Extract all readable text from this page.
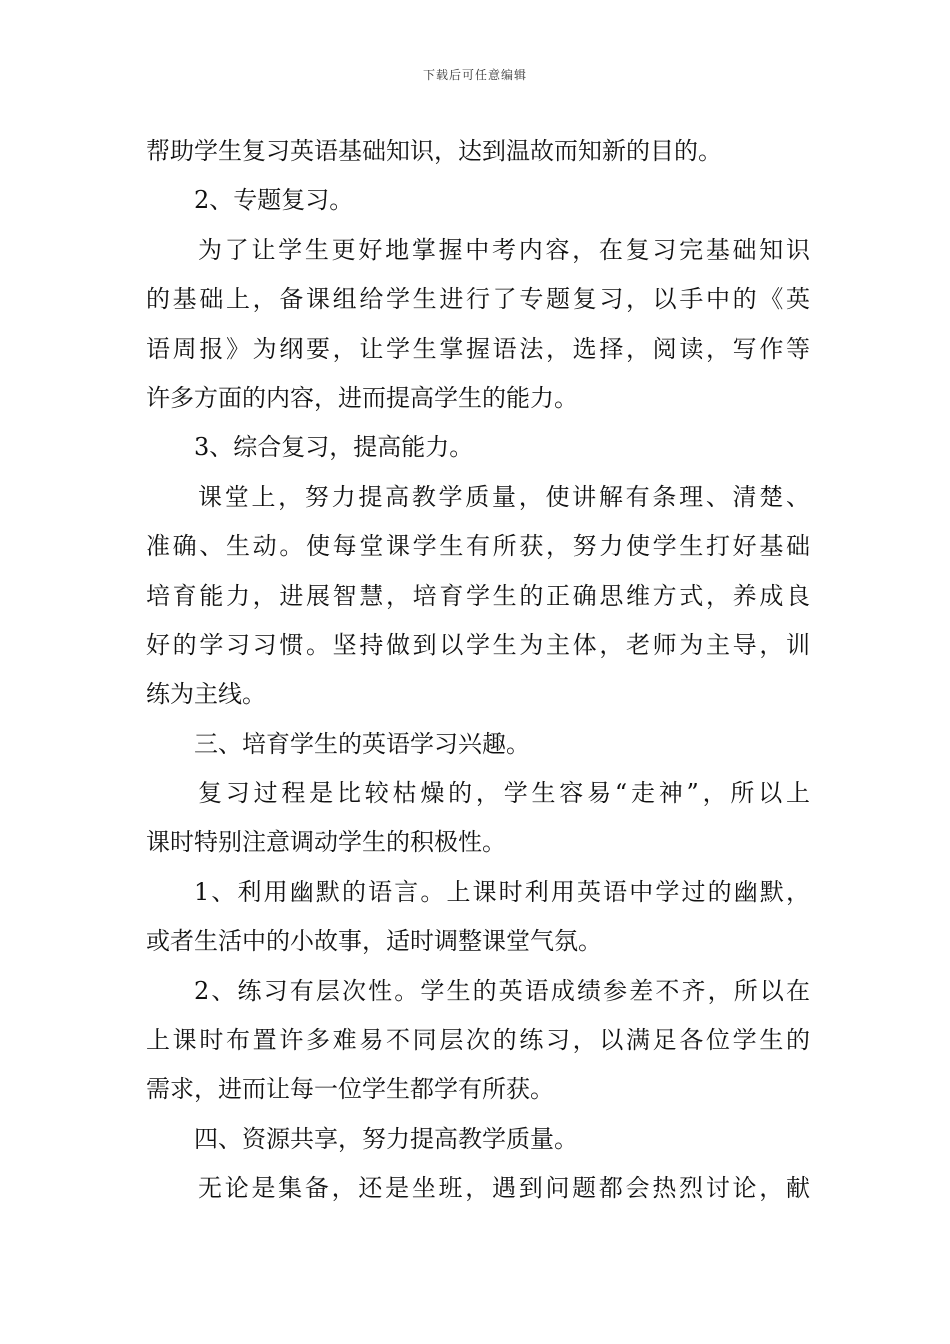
下载后可任意编辑
帮助学生复习英语基础知识，达到温故而知新的目的。
2、专题复习。
为了让学生更好地掌握中考内容，在复习完基础知识
的基础上，备课组给学生进行了专题复习，以手中的《英
语周报》为纲要，让学生掌握语法，选择，阅读，写作等
许多方面的内容，进而提高学生的能力。
3、综合复习，提高能力。
课堂上，努力提高教学质量，使讲解有条理、清楚、
准确、生动。使每堂课学生有所获，努力使学生打好基础
培育能力，进展智慧，培育学生的正确思维方式，养成良
好的学习习惯。坚持做到以学生为主体，老师为主导，训
练为主线。
三、培育学生的英语学习兴趣。
复习过程是比较枯燥的，学生容易“走神”，所以上
课时特别注意调动学生的积极性。
1、利用幽默的语言。上课时利用英语中学过的幽默，
或者生活中的小故事，适时调整课堂气氛。
2、练习有层次性。学生的英语成绩参差不齐，所以在
上课时布置许多难易不同层次的练习，以满足各位学生的
需求，进而让每一位学生都学有所获。
四、资源共享，努力提高教学质量。
无论是集备，还是坐班，遇到问题都会热烈讨论，献
